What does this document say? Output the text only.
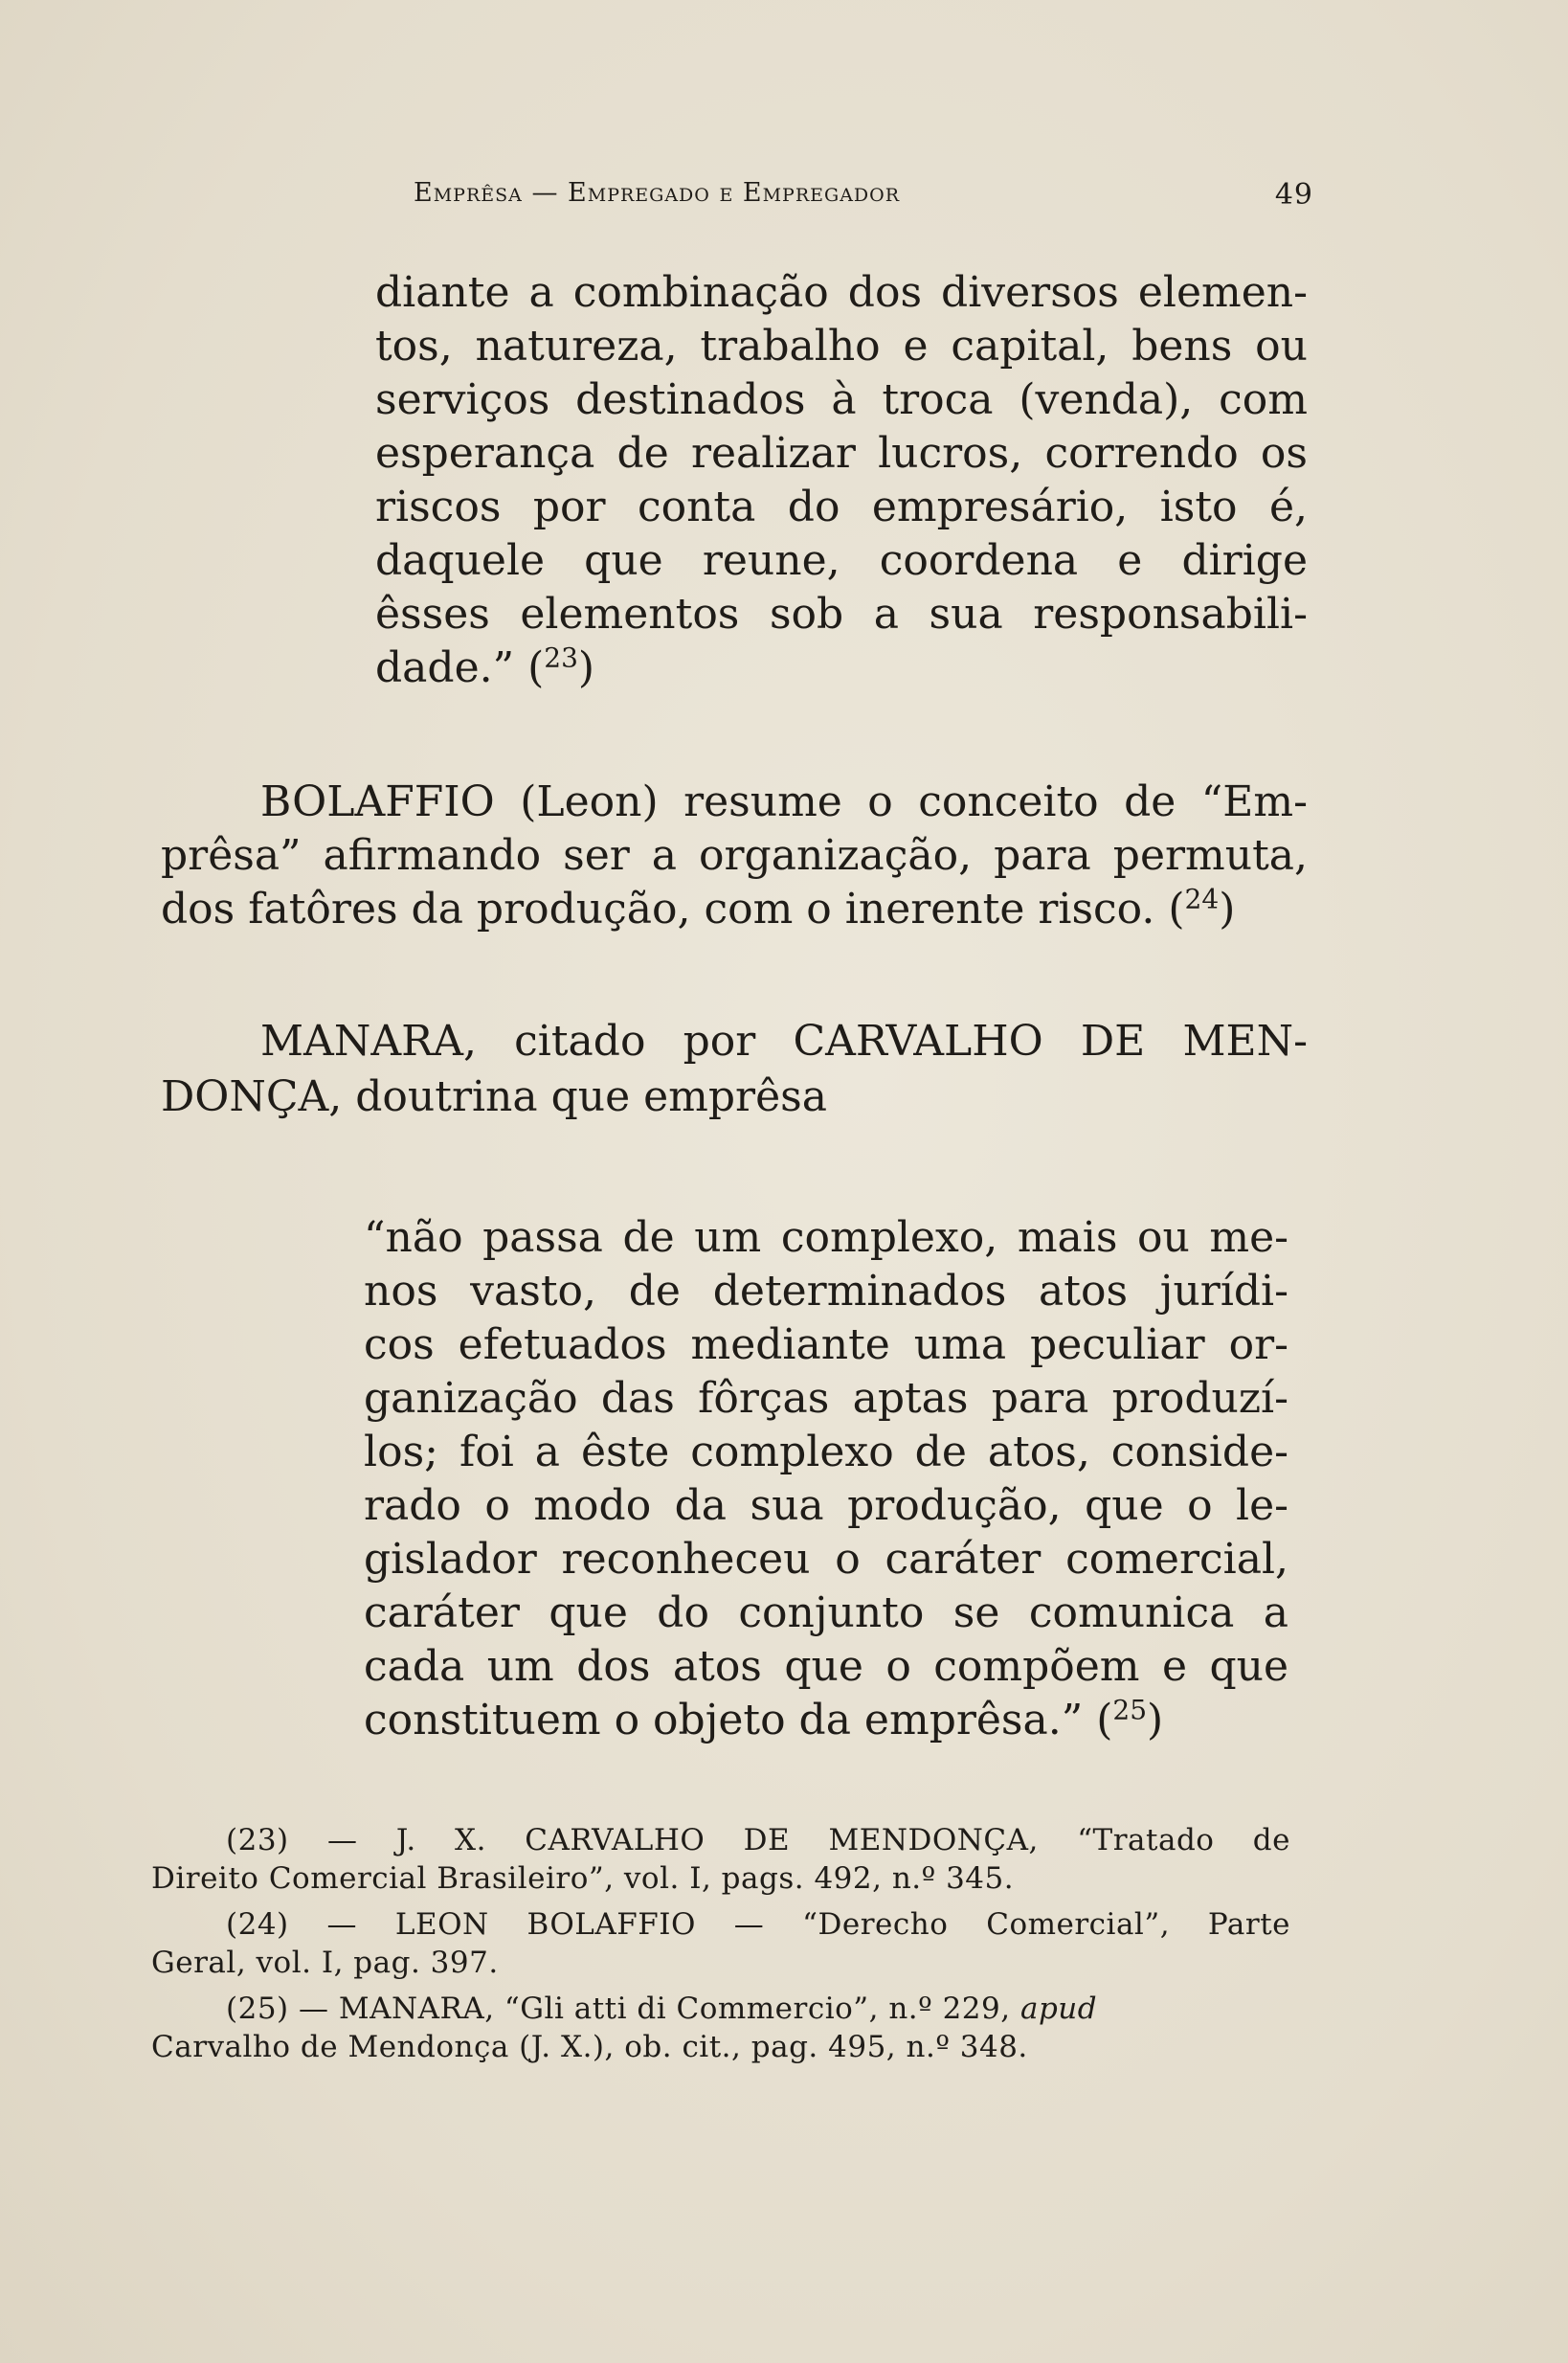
Emprêsa — Empregado e Empregador	49
diante a combinação dos diversos elemen-
tos, natureza, trabalho e capital, bens ou
serviços destinados à troca (venda), com
esperança de realizar lucros, correndo os
riscos por conta do empresário, isto é,
daquele que reune, coordena e dirige
êsses elementos sob a sua responsabili-
dade.” ($^{23}$)
BOLAFFIO (Leon) resume o conceito de “Em-
prêsa” afirmando ser a organização, para permuta,
dos fatôres da produção, com o inerente risco. ($^{24}$)
MANARA, citado por CARVALHO DE MEN-
DONÇA, doutrina que emprêsa
“não passa de um complexo, mais ou me-
nos vasto, de determinados atos jurídi-
cos efetuados mediante uma peculiar or-
ganização das fôrças aptas para produzí-
los; foi a êste complexo de atos, conside-
rado o modo da sua produção, que o le-
gislador reconheceu o caráter comercial,
caráter que do conjunto se comunica a
cada um dos atos que o compõem e que
constituem o objeto da emprêsa.” ($^{25}$)
(23) — J. X. CARVALHO DE MENDONÇA, “Tratado de
Direito Comercial Brasileiro”, vol. I, pags. 492, n.º 345.
(24) — LEON BOLAFFIO — “Derecho Comercial”, Parte
Geral, vol. I, pag. 397.
(25) — MANARA, “Gli atti di Commercio”, n.º 229, apud
Carvalho de Mendonça (J. X.), ob. cit., pag. 495, n.º 348.
